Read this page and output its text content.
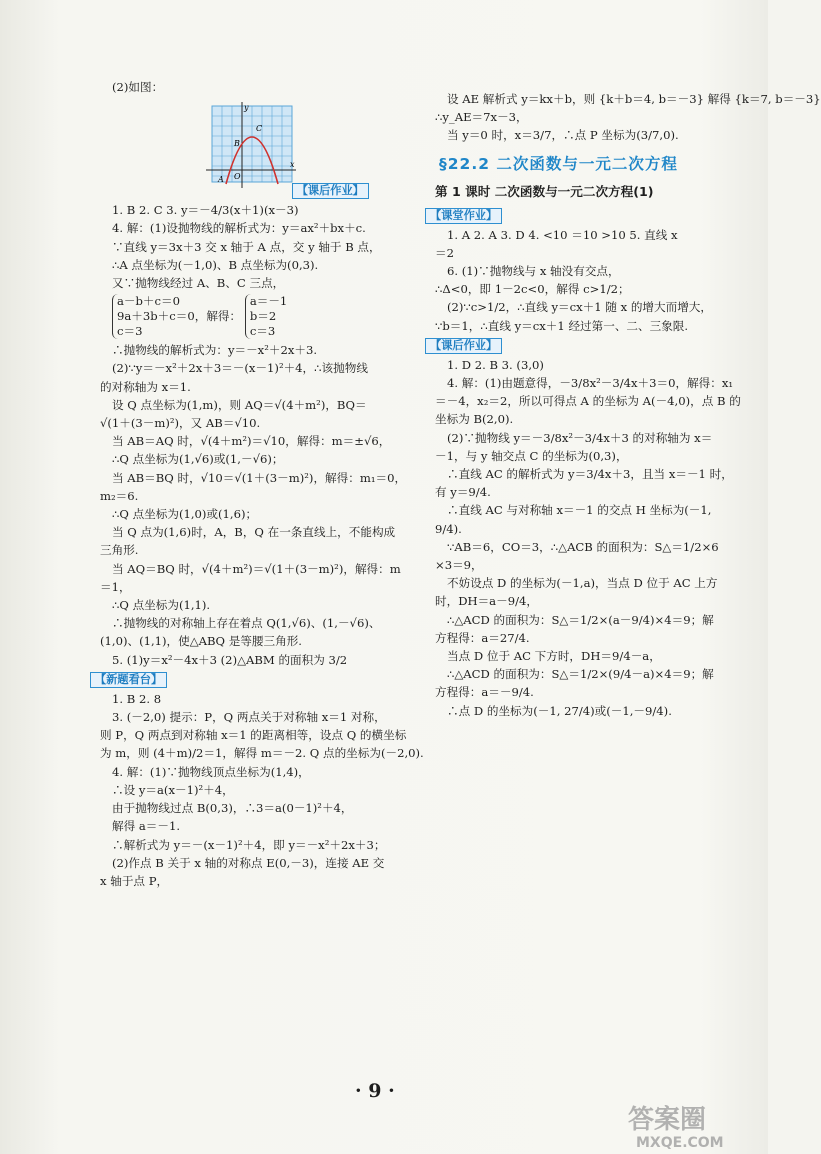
(2)如图：
y
x
O
A
B
C
【课后作业】
1. B 2. C 3. y＝－4/3(x＋1)(x－3)
4. 解：(1)设抛物线的解析式为：y＝ax²＋bx＋c.
∵直线 y＝3x＋3 交 x 轴于 A 点，交 y 轴于 B 点，
∴A 点坐标为(－1,0)、B 点坐标为(0,3).
又∵抛物线经过 A、B、C 三点，
a－b＋c＝0
9a＋3b＋c＝0，解得：
c＝3

a＝－1
b＝2
c＝3
∴抛物线的解析式为：y＝－x²＋2x＋3.
(2)∵y＝－x²＋2x＋3＝－(x－1)²＋4，∴该抛物线
的对称轴为 x＝1.
设 Q 点坐标为(1,m)，则 AQ＝√(4＋m²)，BQ＝
√(1＋(3－m)²)，又 AB＝√10.
当 AB＝AQ 时，√(4＋m²)＝√10，解得：m＝±√6，
∴Q 点坐标为(1,√6)或(1,－√6)；
当 AB＝BQ 时，√10＝√(1＋(3－m)²)，解得：m₁＝0，
m₂＝6.
∴Q 点坐标为(1,0)或(1,6)；
当 Q 点为(1,6)时，A，B，Q 在一条直线上，不能构成
三角形.
当 AQ＝BQ 时，√(4＋m²)＝√(1＋(3－m)²)，解得：m
＝1，
∴Q 点坐标为(1,1).
∴抛物线的对称轴上存在着点 Q(1,√6)、(1,－√6)、
(1,0)、(1,1)，使△ABQ 是等腰三角形.
5. (1)y＝x²－4x＋3 (2)△ABM 的面积为 3/2
【新题看台】
1. B 2. 8
3. (－2,0) 提示：P，Q 两点关于对称轴 x＝1 对称，
则 P，Q 两点到对称轴 x＝1 的距离相等，设点 Q 的横坐标
为 m，则 (4＋m)/2＝1，解得 m＝－2. Q 点的坐标为(－2,0).
4. 解：(1)∵抛物线顶点坐标为(1,4)，
∴设 y＝a(x－1)²＋4，
由于抛物线过点 B(0,3)，∴3＝a(0－1)²＋4，
解得 a＝－1.
∴解析式为 y＝－(x－1)²＋4，即 y＝－x²＋2x＋3；
(2)作点 B 关于 x 轴的对称点 E(0,－3)，连接 AE 交
x 轴于点 P，
设 AE 解析式 y＝kx＋b，则 {k＋b＝4, b＝－3} 解得 {k＝7, b＝－3}
∴y_AE＝7x－3，
当 y＝0 时，x＝3/7，∴点 P 坐标为(3/7,0).
§22.2 二次函数与一元二次方程
第 1 课时 二次函数与一元二次方程(1)
【课堂作业】
1. A 2. A 3. D 4. <10 ＝10 >10 5. 直线 x
＝2
6. (1)∵抛物线与 x 轴没有交点，
∴Δ<0，即 1－2c<0，解得 c>1/2；
(2)∵c>1/2，∴直线 y＝cx＋1 随 x 的增大而增大，
∵b＝1，∴直线 y＝cx＋1 经过第一、二、三象限.
【课后作业】
1. D 2. B 3. (3,0)
4. 解：(1)由题意得，－3/8x²－3/4x＋3＝0，解得：x₁
＝－4，x₂＝2，所以可得点 A 的坐标为 A(－4,0)，点 B 的
坐标为 B(2,0).
(2)∵抛物线 y＝－3/8x²－3/4x＋3 的对称轴为 x＝
－1，与 y 轴交点 C 的坐标为(0,3)，
∴直线 AC 的解析式为 y＝3/4x＋3，且当 x＝－1 时，
有 y＝9/4.
∴直线 AC 与对称轴 x＝－1 的交点 H 坐标为(－1,
9/4).
∵AB＝6，CO＝3，∴△ACB 的面积为：S△＝1/2×6
×3＝9，
不妨设点 D 的坐标为(－1,a)，当点 D 位于 AC 上方
时，DH＝a－9/4，
∴△ACD 的面积为：S△＝1/2×(a－9/4)×4＝9；解
方程得：a＝27/4.
当点 D 位于 AC 下方时，DH＝9/4－a，
∴△ACD 的面积为：S△＝1/2×(9/4－a)×4＝9；解
方程得：a＝－9/4.
∴点 D 的坐标为(－1, 27/4)或(－1,－9/4).
· 9 ·
答案圈
MXQE.COM
